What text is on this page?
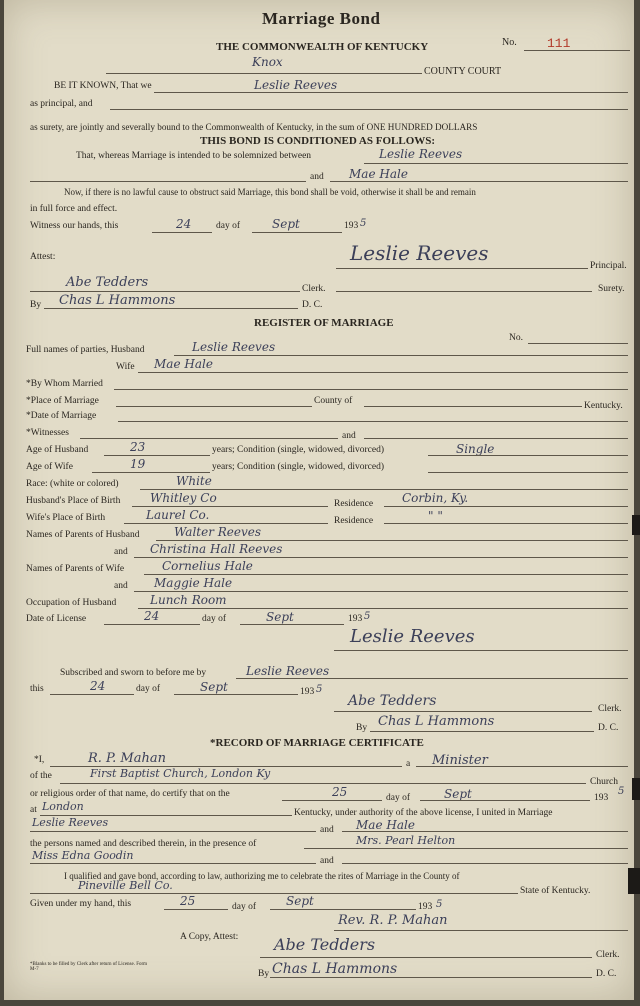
Marriage Bond
THE COMMONWEALTH OF KENTUCKY	No. 111
Knox
COUNTY COURT
BE IT KNOWN, That we	Leslie Reeves
as principal, and
as surety, are jointly and severally bound to the Commonwealth of Kentucky, in the sum of ONE HUNDRED DOLLARS
THIS BOND IS CONDITIONED AS FOLLOWS:
That, whereas Marriage is intended to be solemnized between	Leslie Reeves
and Mae Hale
Now, if there is no lawful cause to obstruct said Marriage, this bond shall be void, otherwise it shall be and remain
in full force and effect.
Witness our hands, this	24	day of	Sept	193 5
Attest:	Leslie Reeves
Principal.
Abe Tedders	Clerk.	Surety.
By Chas L Hammons	D. C.
REGISTER OF MARRIAGE
No.
Full names of parties, Husband	Leslie Reeves
Wife Mae Hale
*By Whom Married
*Place of Marriage	County of	Kentucky.
*Date of Marriage
*Witnesses	and
Age of Husband	23	years; Condition (single, widowed, divorced)	Single
Age of Wife	19	years; Condition (single, widowed, divorced)
Race: (white or colored)	White
Husband's Place of Birth Whitley Co	Residence Corbin, Ky.
Wife's Place of Birth	Laurel Co.	Residence	" "
Names of Parents of Husband	Walter Reeves
and Christina Hall Reeves
Names of Parents of Wife	Cornelius Hale
and Maggie Hale
Occupation of Husband	Lunch Room
Date of License	24	day of	Sept	193 5
Leslie Reeves
Subscribed and sworn to before me by	Leslie Reeves
this	24	day of	Sept	193 5
Abe Tedders	Clerk.
By Chas L Hammons	D. C.
*RECORD OF MARRIAGE CERTIFICATE
*I,	R. P. Mahan	a Minister
of the	First Baptist Church, London Ky
Church
or religious order of that name, do certify that on the	25	day of	Sept	193
5
at London	Kentucky, under authority of the above license, I united in Marriage
Leslie Reeves
and Mae Hale
the persons named and described therein, in the presence of	Mrs. Pearl Helton
Miss Edna Goodin	and
I qualified and gave bond, according to law, authorizing me to celebrate the rites of Marriage in the County of
Pineville Bell Co.	State of Kentucky.
Given under my hand, this	25	day of Sept	193 5
Rev. R. P. Mahan
A Copy, Attest: Abe Tedders
Clerk.
By Chas L Hammons	D. C.
*Blanks to be filled by Clerk after return of License. Form M-7
